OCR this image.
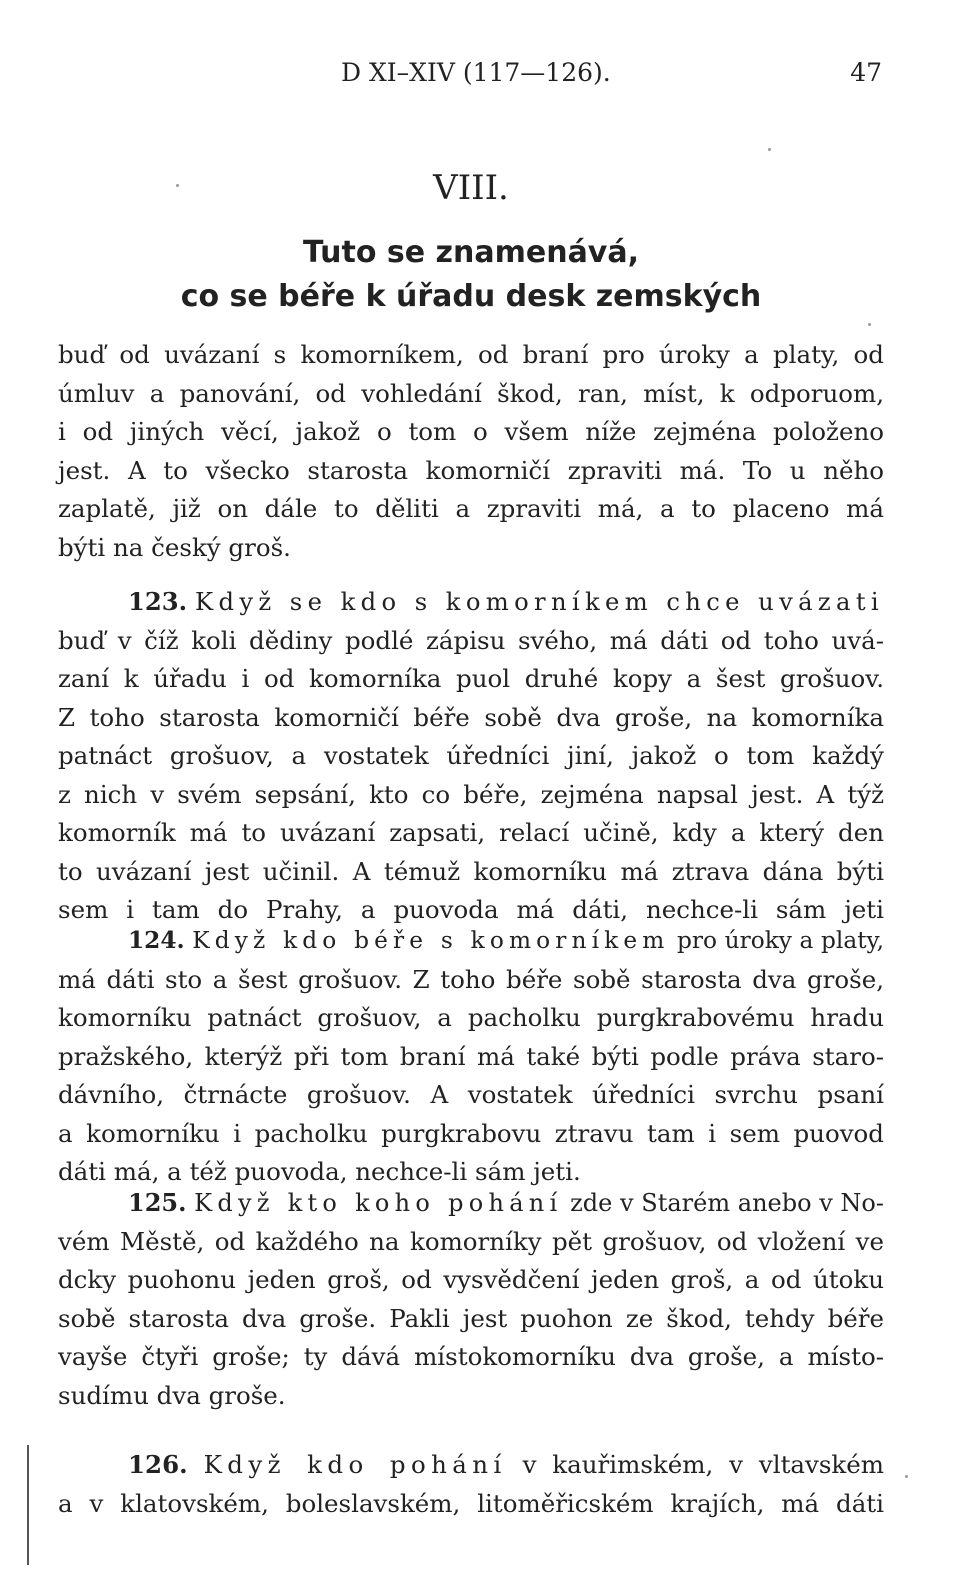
D XI–XIV (117—126).	47
VIII.
Tuto se znamenává,
co se béře k úřadu desk zemských
buď od uvázaní s komorníkem, od braní pro úroky a platy, od
úmluv a panování, od vohledání škod, ran, míst, k odporuom,
i od jiných věcí, jakož o tom o všem níže zejména položeno
jest. A to všecko starosta komorničí zpraviti má. To u něho
zaplatě, již on dále to děliti a zpraviti má, a to placeno má
býti na český groš.
123. Když se kdo s komorníkem chce uvázati
buď v číž koli dědiny podlé zápisu svého, má dáti od toho uvá-
zaní k úřadu i od komorníka puol druhé kopy a šest grošuov.
Z toho starosta komorničí béře sobě dva groše, na komorníka
patnáct grošuov, a vostatek úředníci jiní, jakož o tom každý
z nich v svém sepsání, kto co béře, zejména napsal jest. A týž
komorník má to uvázaní zapsati, relací učině, kdy a který den
to uvázaní jest učinil. A témuž komorníku má ztrava dána býti
sem i tam do Prahy, a puovoda má dáti, nechce-li sám jeti
124. Když kdo béře s komorníkem pro úroky a platy,
má dáti sto a šest grošuov. Z toho béře sobě starosta dva groše,
komorníku patnáct grošuov, a pacholku purgkrabovému hradu
pražského, kterýž při tom braní má také býti podle práva staro-
dávního, čtrnácte grošuov. A vostatek úředníci svrchu psaní
a komorníku i pacholku purgkrabovu ztravu tam i sem puovod
dáti má, a též puovoda, nechce-li sám jeti.
125. Když kto koho pohání zde v Starém anebo v No-
vém Městě, od každého na komorníky pět grošuov, od vložení ve
dcky puohonu jeden groš, od vysvědčení jeden groš, a od útoku
sobě starosta dva groše. Pakli jest puohon ze škod, tehdy béře
vayše čtyři groše; ty dává místokomorníku dva groše, a místo-
sudímu dva groše.
126. Když kdo pohání v kauřimském, v vltavském
a v klatovském, boleslavském, litoměřicském krajích, má dáti
